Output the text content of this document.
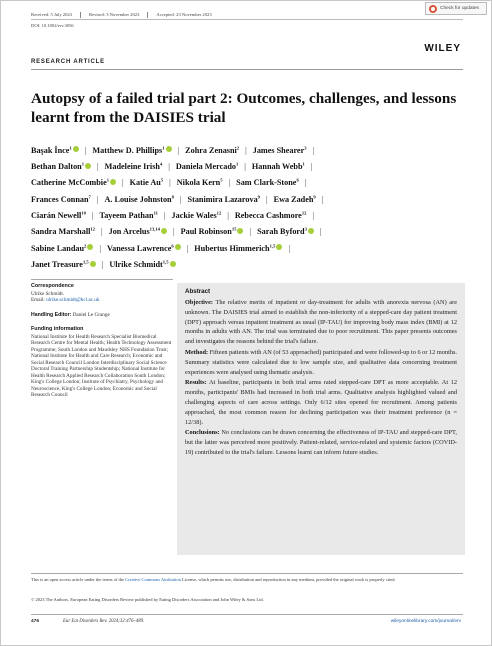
Received: 5 July 2023	Revised: 3 November 2023	Accepted: 23 November 2023
Check for updates
DOI: 10.1002/erv.3056
WILEY
RESEARCH ARTICLE
Autopsy of a failed trial part 2: Outcomes, challenges, and lessons learnt from the DAISIES trial
Başak İnce$^1$ | Matthew D. Phillips$^1$ | Zohra Zenasni$^2$ | James Shearer$^3$ |
Bethan Dalton$^1$ | Madeleine Irish$^4$ | Daniela Mercado$^1$ | Hannah Webb$^1$ |
Catherine McCombie$^1$ | Katie Au$^5$ | Nikola Kern$^5$ | Sam Clark-Stone$^6$ |
Frances Connan$^7$ | A. Louise Johnston$^8$ | Stanimira Lazarova$^9$ | Ewa Zadeh$^9$ |
Ciarán Newell$^{10}$ | Tayeem Pathan$^{11}$ | Jackie Wales$^{12}$ | Rebecca Cashmore$^{12}$ |
Sandra Marshall$^{12}$ | Jon Arcelus$^{13,14}$ | Paul Robinson$^{15}$ | Sarah Byford$^3$ |
Sabine Landau$^2$ | Vanessa Lawrence$^6$ | Hubertus Himmerich$^{1,5}$ |
Janet Treasure$^{1,5}$ | Ulrike Schmidt$^{1,5}$
Correspondence
Ulrike Schmidt.
Email: ulrike.schmidt@kcl.ac.uk
Handling Editor: Daniel Le Grange
Funding information
National Institute for Health Research Specialist Biomedical Research Centre for Mental Health; Health Technology Assessment Programme; South London and Maudsley NHS Foundation Trust; National Institute for Health and Care Research; Economic and Social Research Council London Interdisciplinary Social Science Doctoral Training Partnership Studentship; National Institute for Health Research Applied Research Collaboration South London; King's College London; Institute of Psychiatry, Psychology and Neuroscience, King's College London; Economic and Social Research Council
Abstract

Objective: The relative merits of inpatient or day-treatment for adults with anorexia nervosa (AN) are unknown. The DAISIES trial aimed to establish the non-inferiority of a stepped-care day patient treatment (DPT) approach versus inpatient treatment as usual (IP-TAU) for improving body mass index (BMI) at 12 months in adults with AN. The trial was terminated due to poor recruitment. This paper presents outcomes and investigates the reasons behind the trial's failure.

Method: Fifteen patients with AN (of 53 approached) participated and were followed-up to 6 or 12 months. Summary statistics were calculated due to low sample size, and qualitative data concerning treatment experiences were analysed using thematic analysis.

Results: At baseline, participants in both trial arms rated stepped-care DPT as more acceptable. At 12 months, participants' BMIs had increased in both trial arms. Qualitative analysis highlighted valued and challenging aspects of care across settings. Only 6/12 sites opened for recruitment. Among patients approached, the most common reason for declining participation was their treatment preference (n = 12/38).

Conclusions: No conclusions can be drawn concerning the effectiveness of IP-TAU and stepped-care DPT, but the latter was perceived more positively. Patient-related, service-related and systemic factors (COVID-19) contributed to the trial's failure. Lessons learnt can inform future studies.

This is an open access article under the terms of the Creative Commons Attribution License, which permits use, distribution and reproduction in any medium, provided the original work is properly cited.
© 2023 The Authors. European Eating Disorders Review published by Eating Disorders Association and John Wiley & Sons Ltd.
476	Eur Eat Disorders Rev. 2024;32:476–489.	wileyonlinelibrary.com/journal/erv
